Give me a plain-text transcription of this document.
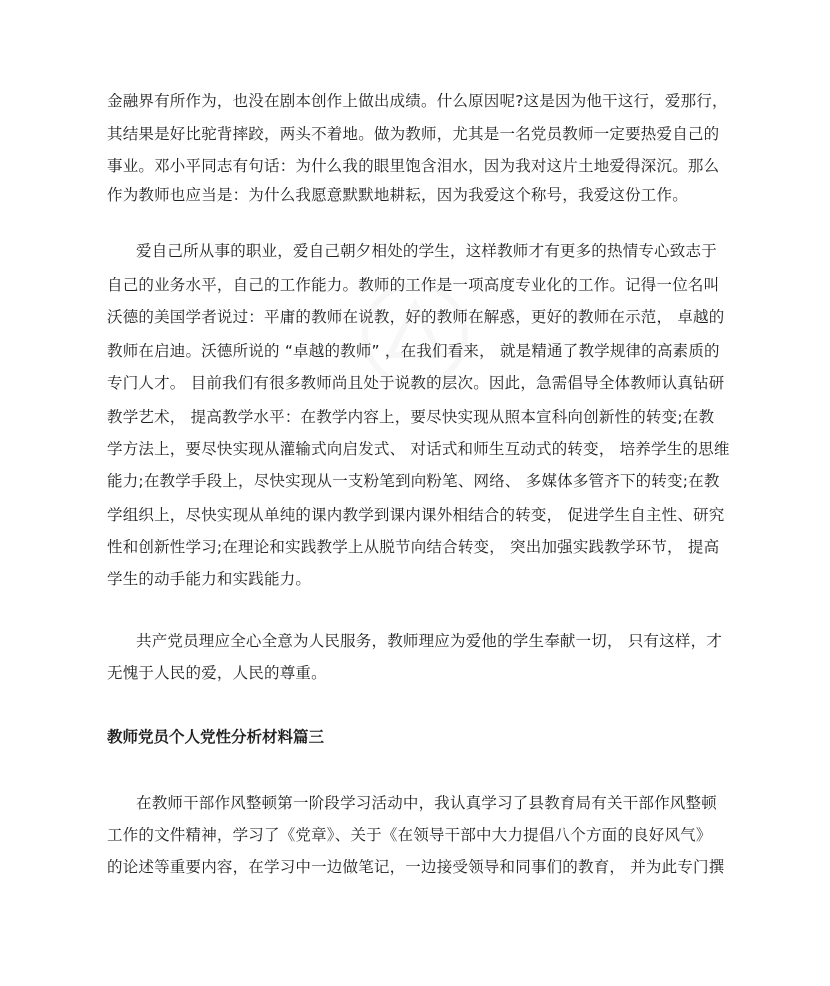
金融界有所作为，也没在剧本创作上做出成绩。什么原因呢?这是因为他干这行，爱那行，
其结果是好比驼背摔跤，两头不着地。做为教师，尤其是一名党员教师一定要热爱自己的
事业。邓小平同志有句话：为什么我的眼里饱含泪水，因为我对这片土地爱得深沉。那么
作为教师也应当是：为什么我愿意默默地耕耘，因为我爱这个称号，我爱这份工作。
爱自己所从事的职业，爱自己朝夕相处的学生，这样教师才有更多的热情专心致志于
自己的业务水平，自己的工作能力。教师的工作是一项高度专业化的工作。记得一位名叫
沃德的美国学者说过：平庸的教师在说教，好的教师在解惑，更好的教师在示范， 卓越的
教师在启迪。沃德所说的 “卓越的教师” ，在我们看来， 就是精通了教学规律的高素质的
专门人才。 目前我们有很多教师尚且处于说教的层次。因此，急需倡导全体教师认真钻研
教学艺术， 提高教学水平：在教学内容上，要尽快实现从照本宣科向创新性的转变;在教
学方法上，要尽快实现从灌输式向启发式、 对话式和师生互动式的转变， 培养学生的思维
能力;在教学手段上，尽快实现从一支粉笔到向粉笔、网络、 多媒体多管齐下的转变;在教
学组织上，尽快实现从单纯的课内教学到课内课外相结合的转变， 促进学生自主性、研究
性和创新性学习;在理论和实践教学上从脱节向结合转变， 突出加强实践教学环节， 提高
学生的动手能力和实践能力。
共产党员理应全心全意为人民服务，教师理应为爱他的学生奉献一切， 只有这样，才
无愧于人民的爱，人民的尊重。
教师党员个人党性分析材料篇三
在教师干部作风整顿第一阶段学习活动中，我认真学习了县教育局有关干部作风整顿
工作的文件精神，学习了《党章》、关于《在领导干部中大力提倡八个方面的良好风气》
的论述等重要内容，在学习中一边做笔记，一边接受领导和同事们的教育， 并为此专门撰
